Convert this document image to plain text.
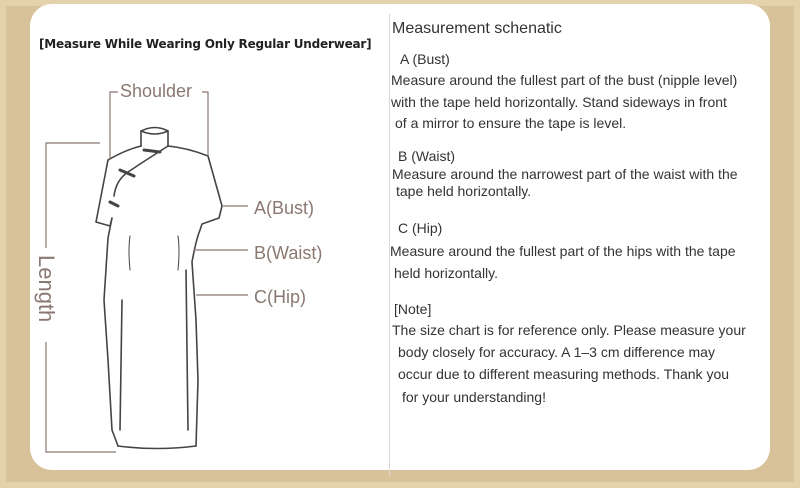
[Measure While Wearing Only Regular Underwear]
Shoulder
A(Bust)
B(Waist)
C(Hip)
Length
Measurement schenatic
A (Bust)
Measure around the fullest part of the bust (nipple level)
with the tape held horizontally. Stand sideways in front
of a mirror to ensure the tape is level.
B (Waist)
Measure around the narrowest part of the waist with the
tape held horizontally.
C (Hip)
Measure around the fullest part of the hips with the tape
held horizontally.
[Note]
The size chart is for reference only. Please measure your
body closely for accuracy. A 1–3 cm difference may
occur due to different measuring methods. Thank you
for your understanding!
